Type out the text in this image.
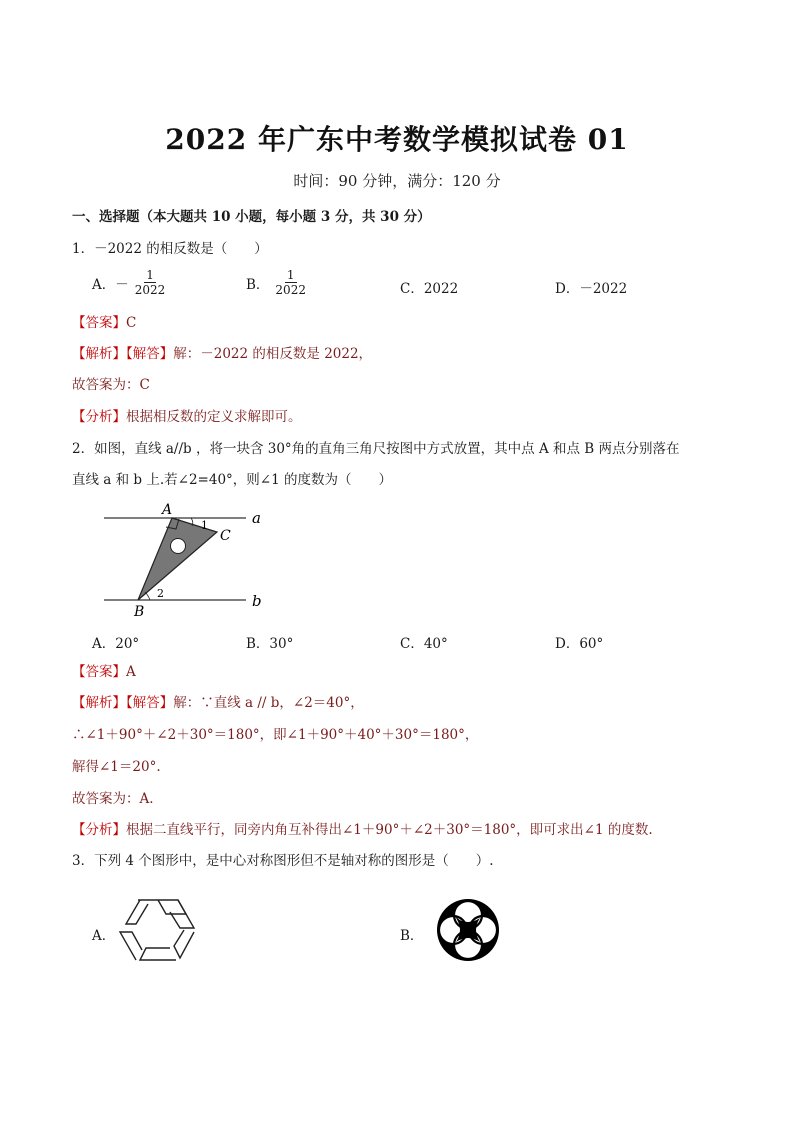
2022 年广东中考数学模拟试卷 01
时间：90 分钟，满分：120 分
一、选择题（本大题共 10 小题，每小题 3 分，共 30 分）
1．－2022 的相反数是（　　）
A．－ $\frac{1}{2022}$	B． $\frac{1}{2022}$	C．2022	D．－2022
【答案】C
【解析】【解答】解：－2022 的相反数是 2022，
故答案为：C
【分析】根据相反数的定义求解即可。
2．如图，直线 a//b ，将一块含 30°角的直角三角尺按图中方式放置，其中点 A 和点 B 两点分别落在
直线 a 和 b 上.若∠2=40°，则∠1 的度数为（　　）
a
b
A
B
C
1
2
A．20°	B．30°	C．40°	D．60°
【答案】A
【解析】【解答】解：∵直线 a // b，∠2＝40°，
∴∠1＋90°＋∠2＋30°＝180°，即∠1＋90°＋40°＋30°＝180°，
解得∠1＝20°.
故答案为：A.
【分析】根据二直线平行，同旁内角互补得出∠1＋90°＋∠2＋30°＝180°，即可求出∠1 的度数.
3．下列 4 个图形中，是中心对称图形但不是轴对称的图形是（　　）.
A．	B．
